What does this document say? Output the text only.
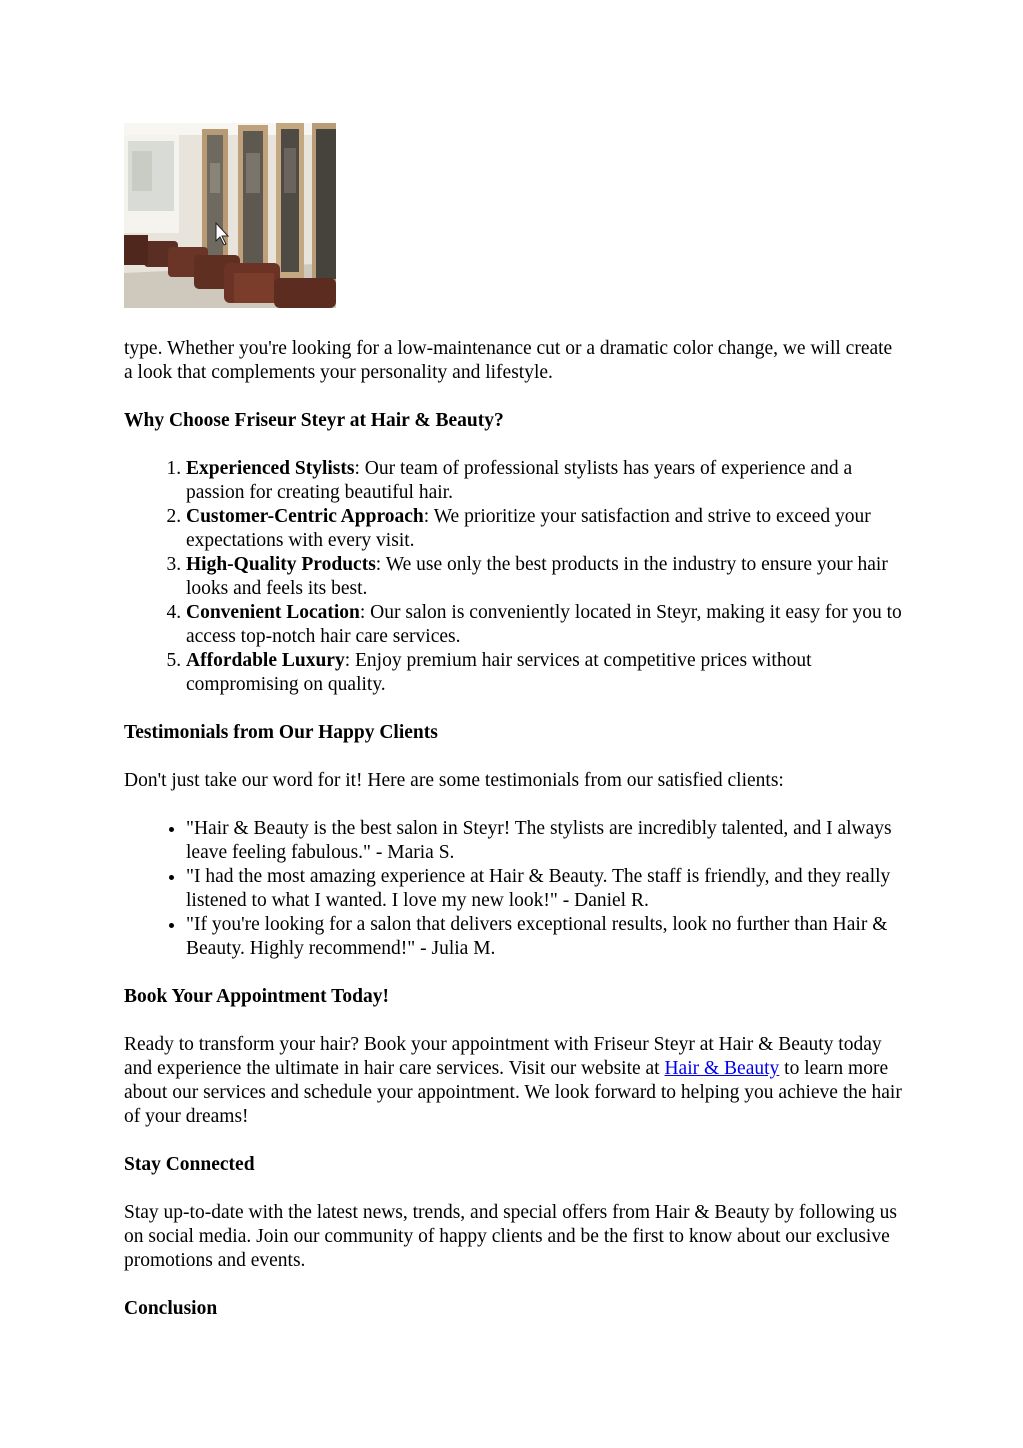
type. Whether you're looking for a low-maintenance cut or a dramatic color change, we will create a look that complements your personality and lifestyle.

Why Choose Friseur Steyr at Hair & Beauty?
1. Experienced Stylists: Our team of professional stylists has years of experience and a passion for creating beautiful hair.
2. Customer-Centric Approach: We prioritize your satisfaction and strive to exceed your expectations with every visit.
3. High-Quality Products: We use only the best products in the industry to ensure your hair looks and feels its best.
4. Convenient Location: Our salon is conveniently located in Steyr, making it easy for you to access top-notch hair care services.
5. Affordable Luxury: Enjoy premium hair services at competitive prices without compromising on quality.
Testimonials from Our Happy Clients

Don't just take our word for it! Here are some testimonials from our satisfied clients:

• "Hair & Beauty is the best salon in Steyr! The stylists are incredibly talented, and I always leave feeling fabulous." - Maria S.
• "I had the most amazing experience at Hair & Beauty. The staff is friendly, and they really listened to what I wanted. I love my new look!" - Daniel R.
• "If you're looking for a salon that delivers exceptional results, look no further than Hair & Beauty. Highly recommend!" - Julia M.
Book Your Appointment Today!

Ready to transform your hair? Book your appointment with Friseur Steyr at Hair & Beauty today and experience the ultimate in hair care services. Visit our website at Hair & Beauty to learn more about our services and schedule your appointment. We look forward to helping you achieve the hair of your dreams!

Stay Connected

Stay up-to-date with the latest news, trends, and special offers from Hair & Beauty by following us on social media. Join our community of happy clients and be the first to know about our exclusive promotions and events.

Conclusion
